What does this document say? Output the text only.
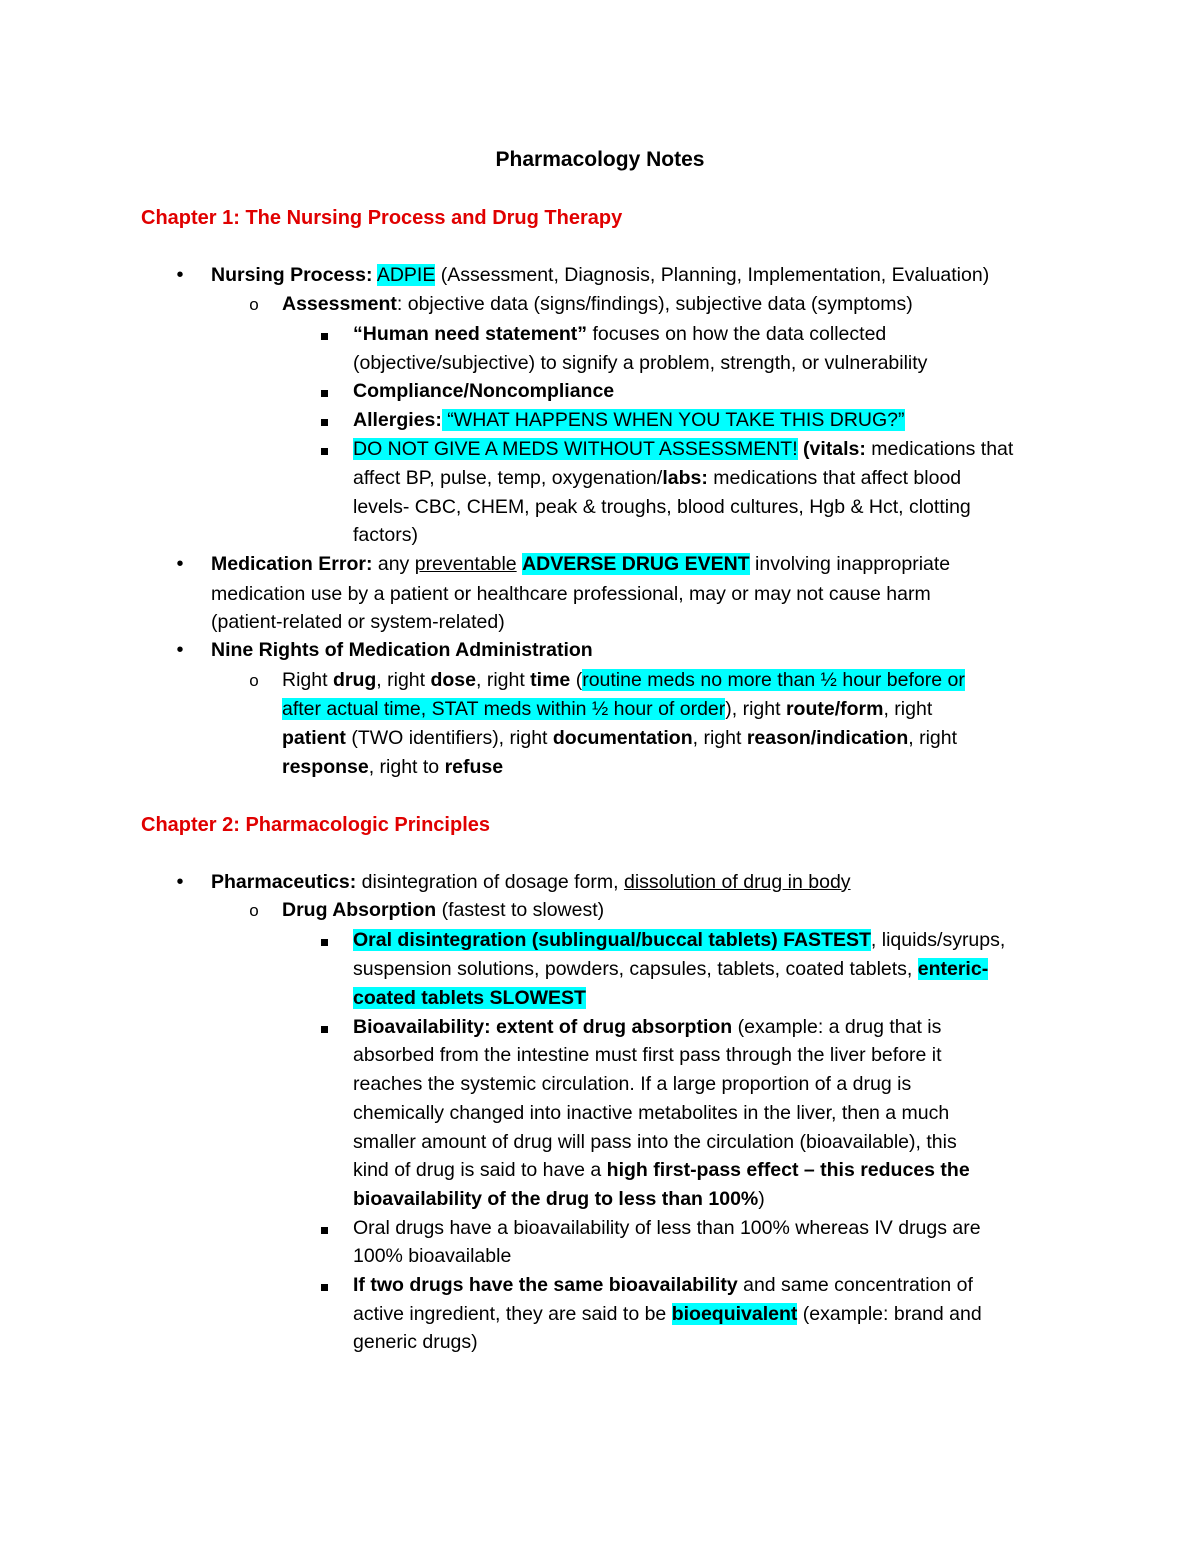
Pharmacology Notes
Chapter 1: The Nursing Process and Drug Therapy
•	Nursing Process: ADPIE (Assessment, Diagnosis, Planning, Implementation, Evaluation)
o Assessment: objective data (signs/findings), subjective data (symptoms)
“Human need statement” focuses on how the data collected
(objective/subjective) to signify a problem, strength, or vulnerability
Compliance/Noncompliance
Allergies: “WHAT HAPPENS WHEN YOU TAKE THIS DRUG?”
DO NOT GIVE A MEDS WITHOUT ASSESSMENT! (vitals: medications that
affect BP, pulse, temp, oxygenation/labs: medications that affect blood
levels- CBC, CHEM, peak & troughs, blood cultures, Hgb & Hct, clotting
factors)
•	Medication Error: any preventable ADVERSE DRUG EVENT involving inappropriate
medication use by a patient or healthcare professional, may or may not cause harm
(patient-related or system-related)
•	Nine Rights of Medication Administration
o Right drug, right dose, right time (routine meds no more than ½ hour before or
after actual time, STAT meds within ½ hour of order), right route/form, right
patient (TWO identifiers), right documentation, right reason/indication, right
response, right to refuse
Chapter 2: Pharmacologic Principles
•	Pharmaceutics: disintegration of dosage form, dissolution of drug in body
o Drug Absorption (fastest to slowest)
Oral disintegration (sublingual/buccal tablets) FASTEST, liquids/syrups,
suspension solutions, powders, capsules, tablets, coated tablets, enteric-
coated tablets SLOWEST
Bioavailability: extent of drug absorption (example: a drug that is
absorbed from the intestine must first pass through the liver before it
reaches the systemic circulation. If a large proportion of a drug is
chemically changed into inactive metabolites in the liver, then a much
smaller amount of drug will pass into the circulation (bioavailable), this
kind of drug is said to have a high first-pass effect – this reduces the
bioavailability of the drug to less than 100%)
Oral drugs have a bioavailability of less than 100% whereas IV drugs are
100% bioavailable
If two drugs have the same bioavailability and same concentration of
active ingredient, they are said to be bioequivalent (example: brand and
generic drugs)
